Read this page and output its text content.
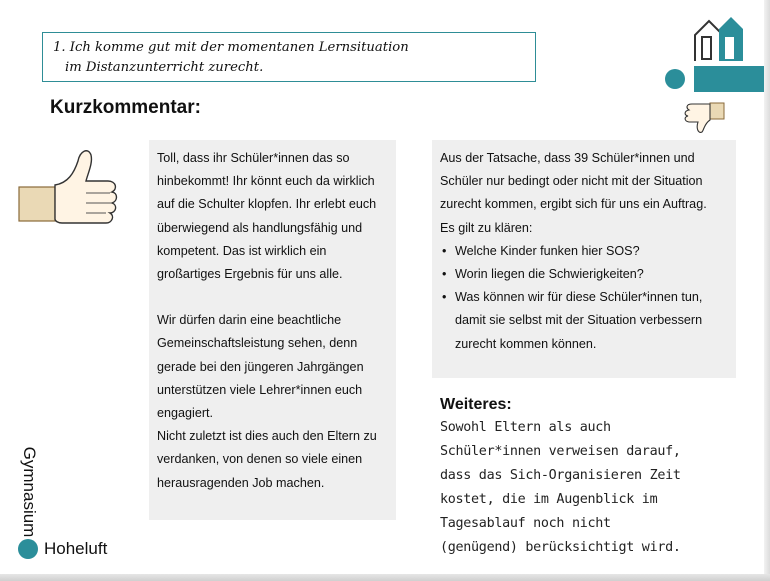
1. Ich komme gut mit der momentanen Lernsituation
im Distanzunterricht zurecht.
Kurzkommentar:

Toll, dass ihr Schüler*innen das so hinbekommt! Ihr könnt euch da wirklich auf die Schulter klopfen. Ihr erlebt euch überwiegend als handlungsfähig und kompetent. Das ist wirklich ein großartiges Ergebnis für uns alle.

Wir dürfen darin eine beachtliche Gemeinschaftsleistung sehen, denn gerade bei den jüngeren Jahrgängen unterstützen viele Lehrer*innen euch engagiert.

Nicht zuletzt ist dies auch den Eltern zu verdanken, von denen so viele einen herausragenden Job machen.

Aus der Tatsache, dass 39 Schüler*innen und Schüler nur bedingt oder nicht mit der Situation zurecht kommen, ergibt sich für uns ein Auftrag.

Es gilt zu klären:

• Welche Kinder funken hier SOS?
• Worin liegen die Schwierigkeiten?
• Was können wir für diese Schüler*innen tun, damit sie selbst mit der Situation verbessern zurecht kommen können.
Weiteres:
Sowohl Eltern als auch
Schüler*innen verweisen darauf,
dass das Sich-Organisieren Zeit
kostet, die im Augenblick im
Tagesablauf noch nicht
(genügend) berücksichtigt wird.
Gymnasium
Hoheluft
